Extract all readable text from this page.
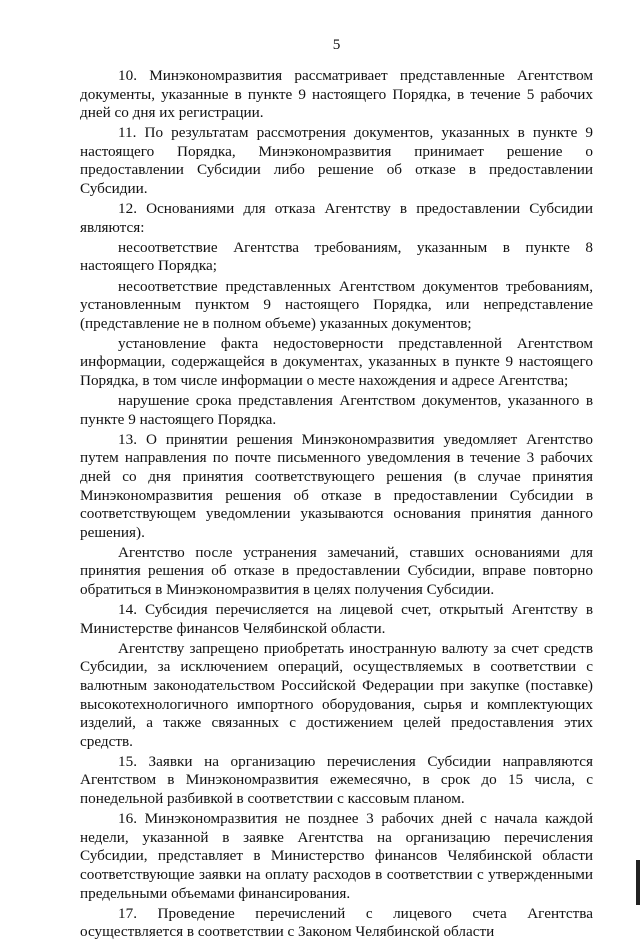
5

10. Минэкономразвития рассматривает представленные Агентством документы, указанные в пункте 9 настоящего Порядка, в течение 5 рабочих дней со дня их регистрации.

11. По результатам рассмотрения документов, указанных в пункте 9 настоящего Порядка, Минэкономразвития принимает решение о предоставлении Субсидии либо решение об отказе в предоставлении Субсидии.

12. Основаниями для отказа Агентству в предоставлении Субсидии являются:

несоответствие Агентства требованиям, указанным в пункте 8 настоящего Порядка;

несоответствие представленных Агентством документов требованиям, установленным пунктом 9 настоящего Порядка, или непредставление (представление не в полном объеме) указанных документов;

установление факта недостоверности представленной Агентством информации, содержащейся в документах, указанных в пункте 9 настоящего Порядка, в том числе информации о месте нахождения и адресе Агентства;

нарушение срока представления Агентством документов, указанного в пункте 9 настоящего Порядка.

13. О принятии решения Минэкономразвития уведомляет Агентство путем направления по почте письменного уведомления в течение 3 рабочих дней со дня принятия соответствующего решения (в случае принятия Минэкономразвития решения об отказе в предоставлении Субсидии в соответствующем уведомлении указываются основания принятия данного решения).

Агентство после устранения замечаний, ставших основаниями для принятия решения об отказе в предоставлении Субсидии, вправе повторно обратиться в Минэкономразвития в целях получения Субсидии.

14. Субсидия перечисляется на лицевой счет, открытый Агентству в Министерстве финансов Челябинской области.

Агентству запрещено приобретать иностранную валюту за счет средств Субсидии, за исключением операций, осуществляемых в соответствии с валютным законодательством Российской Федерации при закупке (поставке) высокотехнологичного импортного оборудования, сырья и комплектующих изделий, а также связанных с достижением целей предоставления этих средств.

15. Заявки на организацию перечисления Субсидии направляются Агентством в Минэкономразвития ежемесячно, в срок до 15 числа, с понедельной разбивкой в соответствии с кассовым планом.

16. Минэкономразвития не позднее 3 рабочих дней с начала каждой недели, указанной в заявке Агентства на организацию перечисления Субсидии, представляет в Министерство финансов Челябинской области соответствующие заявки на оплату расходов в соответствии с утвержденными предельными объемами финансирования.

17. Проведение перечислений с лицевого счета Агентства осуществляется в соответствии с Законом Челябинской области
